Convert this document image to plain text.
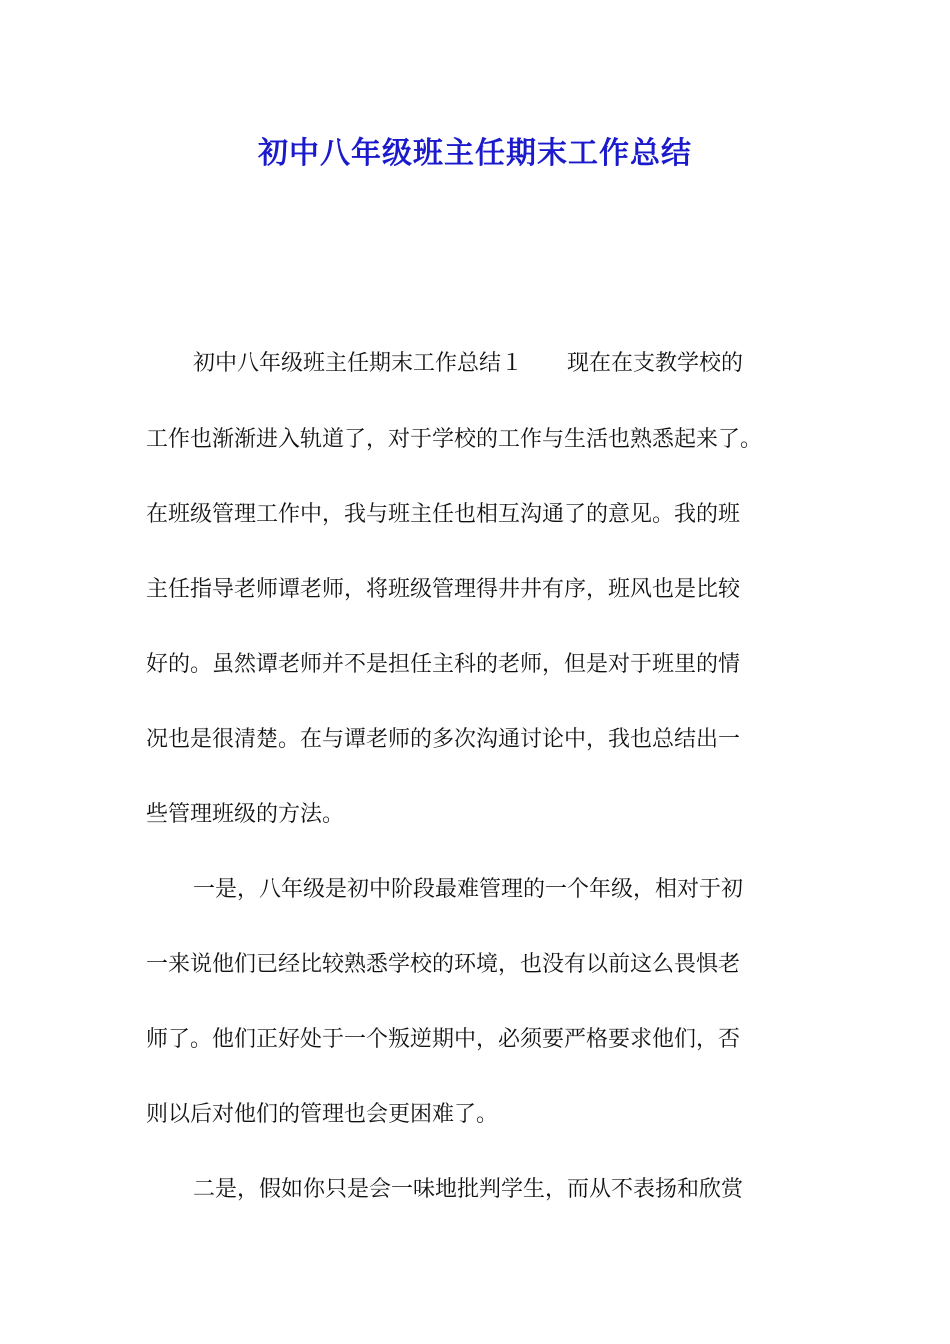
初中八年级班主任期末工作总结
初中八年级班主任期末工作总结１　　现在在支教学校的
工作也渐渐进入轨道了，对于学校的工作与生活也熟悉起来了。
在班级管理工作中，我与班主任也相互沟通了的意见。我的班
主任指导老师谭老师，将班级管理得井井有序，班风也是比较
好的。虽然谭老师并不是担任主科的老师，但是对于班里的情
况也是很清楚。在与谭老师的多次沟通讨论中，我也总结出一
些管理班级的方法。
一是，八年级是初中阶段最难管理的一个年级，相对于初
一来说他们已经比较熟悉学校的环境，也没有以前这么畏惧老
师了。他们正好处于一个叛逆期中，必须要严格要求他们，否
则以后对他们的管理也会更困难了。
二是，假如你只是会一味地批判学生，而从不表扬和欣赏
